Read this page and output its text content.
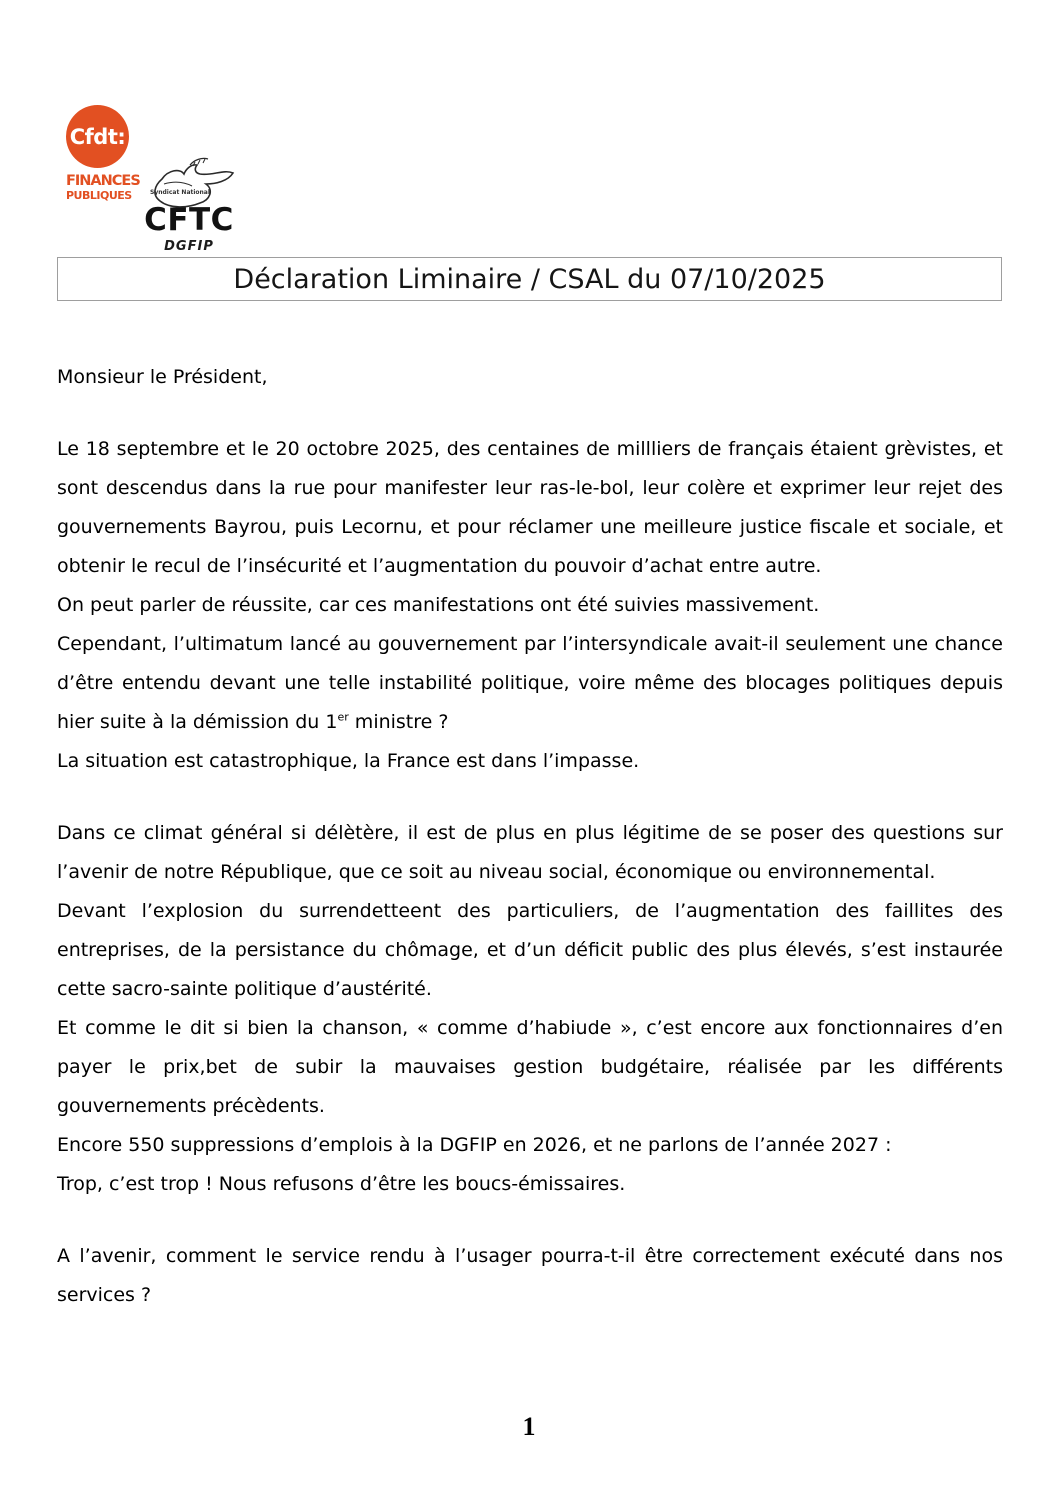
Cfdt:
FINANCES
PUBLIQUES	Syndicat National
CFTC
DGFIP
Déclaration Liminaire / CSAL du 07/10/2025

Monsieur le Président,

Le 18 septembre et le 20 octobre 2025, des centaines de millliers de français étaient grèvistes, et sont descendus dans la rue pour manifester leur ras-le-bol, leur colère et exprimer leur rejet des gouvernements Bayrou, puis Lecornu, et pour réclamer une meilleure justice fiscale et sociale, et obtenir le recul de l’insécurité et l’augmentation du pouvoir d’achat entre autre.

On peut parler de réussite, car ces manifestations ont été suivies massivement.

Cependant, l’ultimatum lancé au gouvernement par l’intersyndicale avait-il seulement une chance d’être entendu devant une telle instabilité politique, voire même des blocages politiques depuis hier suite à la démission du 1er ministre ?

La situation est catastrophique, la France est dans l’impasse.

Dans ce climat général si délètère, il est de plus en plus légitime de se poser des questions sur l’avenir de notre République, que ce soit au niveau social, économique ou environnemental.

Devant l’explosion du surrendetteent des particuliers, de l’augmentation des faillites des entreprises, de la persistance du chômage, et d’un déficit public des plus élevés, s’est instaurée cette sacro-sainte politique d’austérité.

Et comme le dit si bien la chanson, « comme d’habiude », c’est encore aux fonctionnaires d’en payer le prix,bet de subir la mauvaises gestion budgétaire, réalisée par les différents gouvernements précèdents.

Encore 550 suppressions d’emplois à la DGFIP en 2026, et ne parlons de l’année 2027 :

Trop, c’est trop ! Nous refusons d’être les boucs-émissaires.

A l’avenir, comment le service rendu à l’usager pourra-t-il être correctement exécuté dans nos services ?

1
